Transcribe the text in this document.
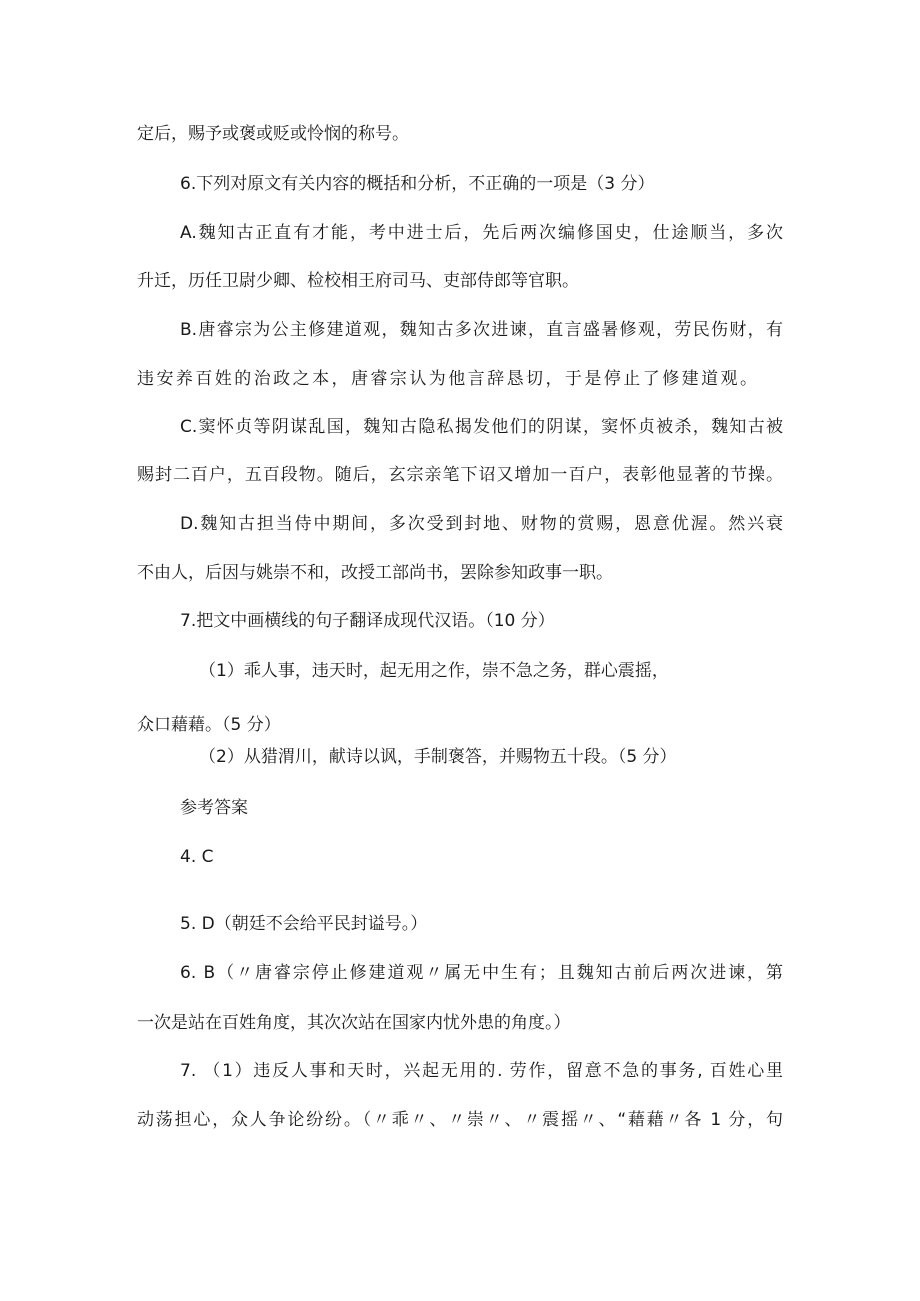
定后，赐予或褒或贬或怜悯的称号。
6.下列对原文有关内容的概括和分析，不正确的一项是（3 分）
A.魏知古正直有才能，考中进士后，先后两次编修国史，仕途顺当，多次
升迁，历任卫尉少卿、检校相王府司马、吏部侍郎等官职。
B.唐睿宗为公主修建道观，魏知古多次进谏，直言盛暑修观，劳民伤财，有
违安养百姓的治政之本，唐睿宗认为他言辞恳切，于是停止了修建道观。
C.窦怀贞等阴谋乱国，魏知古隐私揭发他们的阴谋，窦怀贞被杀，魏知古被
赐封二百户，五百段物。随后，玄宗亲笔下诏又增加一百户，表彰他显著的节操。
D.魏知古担当侍中期间，多次受到封地、财物的赏赐，恩意优渥。然兴衰
不由人，后因与姚崇不和，改授工部尚书，罢除参知政事一职。
7.把文中画横线的句子翻译成现代汉语。（10 分）
（1）乖人事，违天时，起无用之作，崇不急之务，群心震摇，
众口藉藉。（5 分）
（2）从猎渭川，献诗以讽，手制褒答，并赐物五十段。（5 分）
参考答案
4. C
5. D（朝廷不会给平民封谥号。）
6. B（〃唐睿宗停止修建道观〃属无中生有；且魏知古前后两次进谏，第
一次是站在百姓角度，其次次站在国家内忧外患的角度。）
7. （1）违反人事和天时，兴起无用的. 劳作，留意不急的事务, 百姓心里
动荡担心，众人争论纷纷。（〃乖〃、〃崇〃、〃震摇〃、“藉藉〃各 1 分，句
